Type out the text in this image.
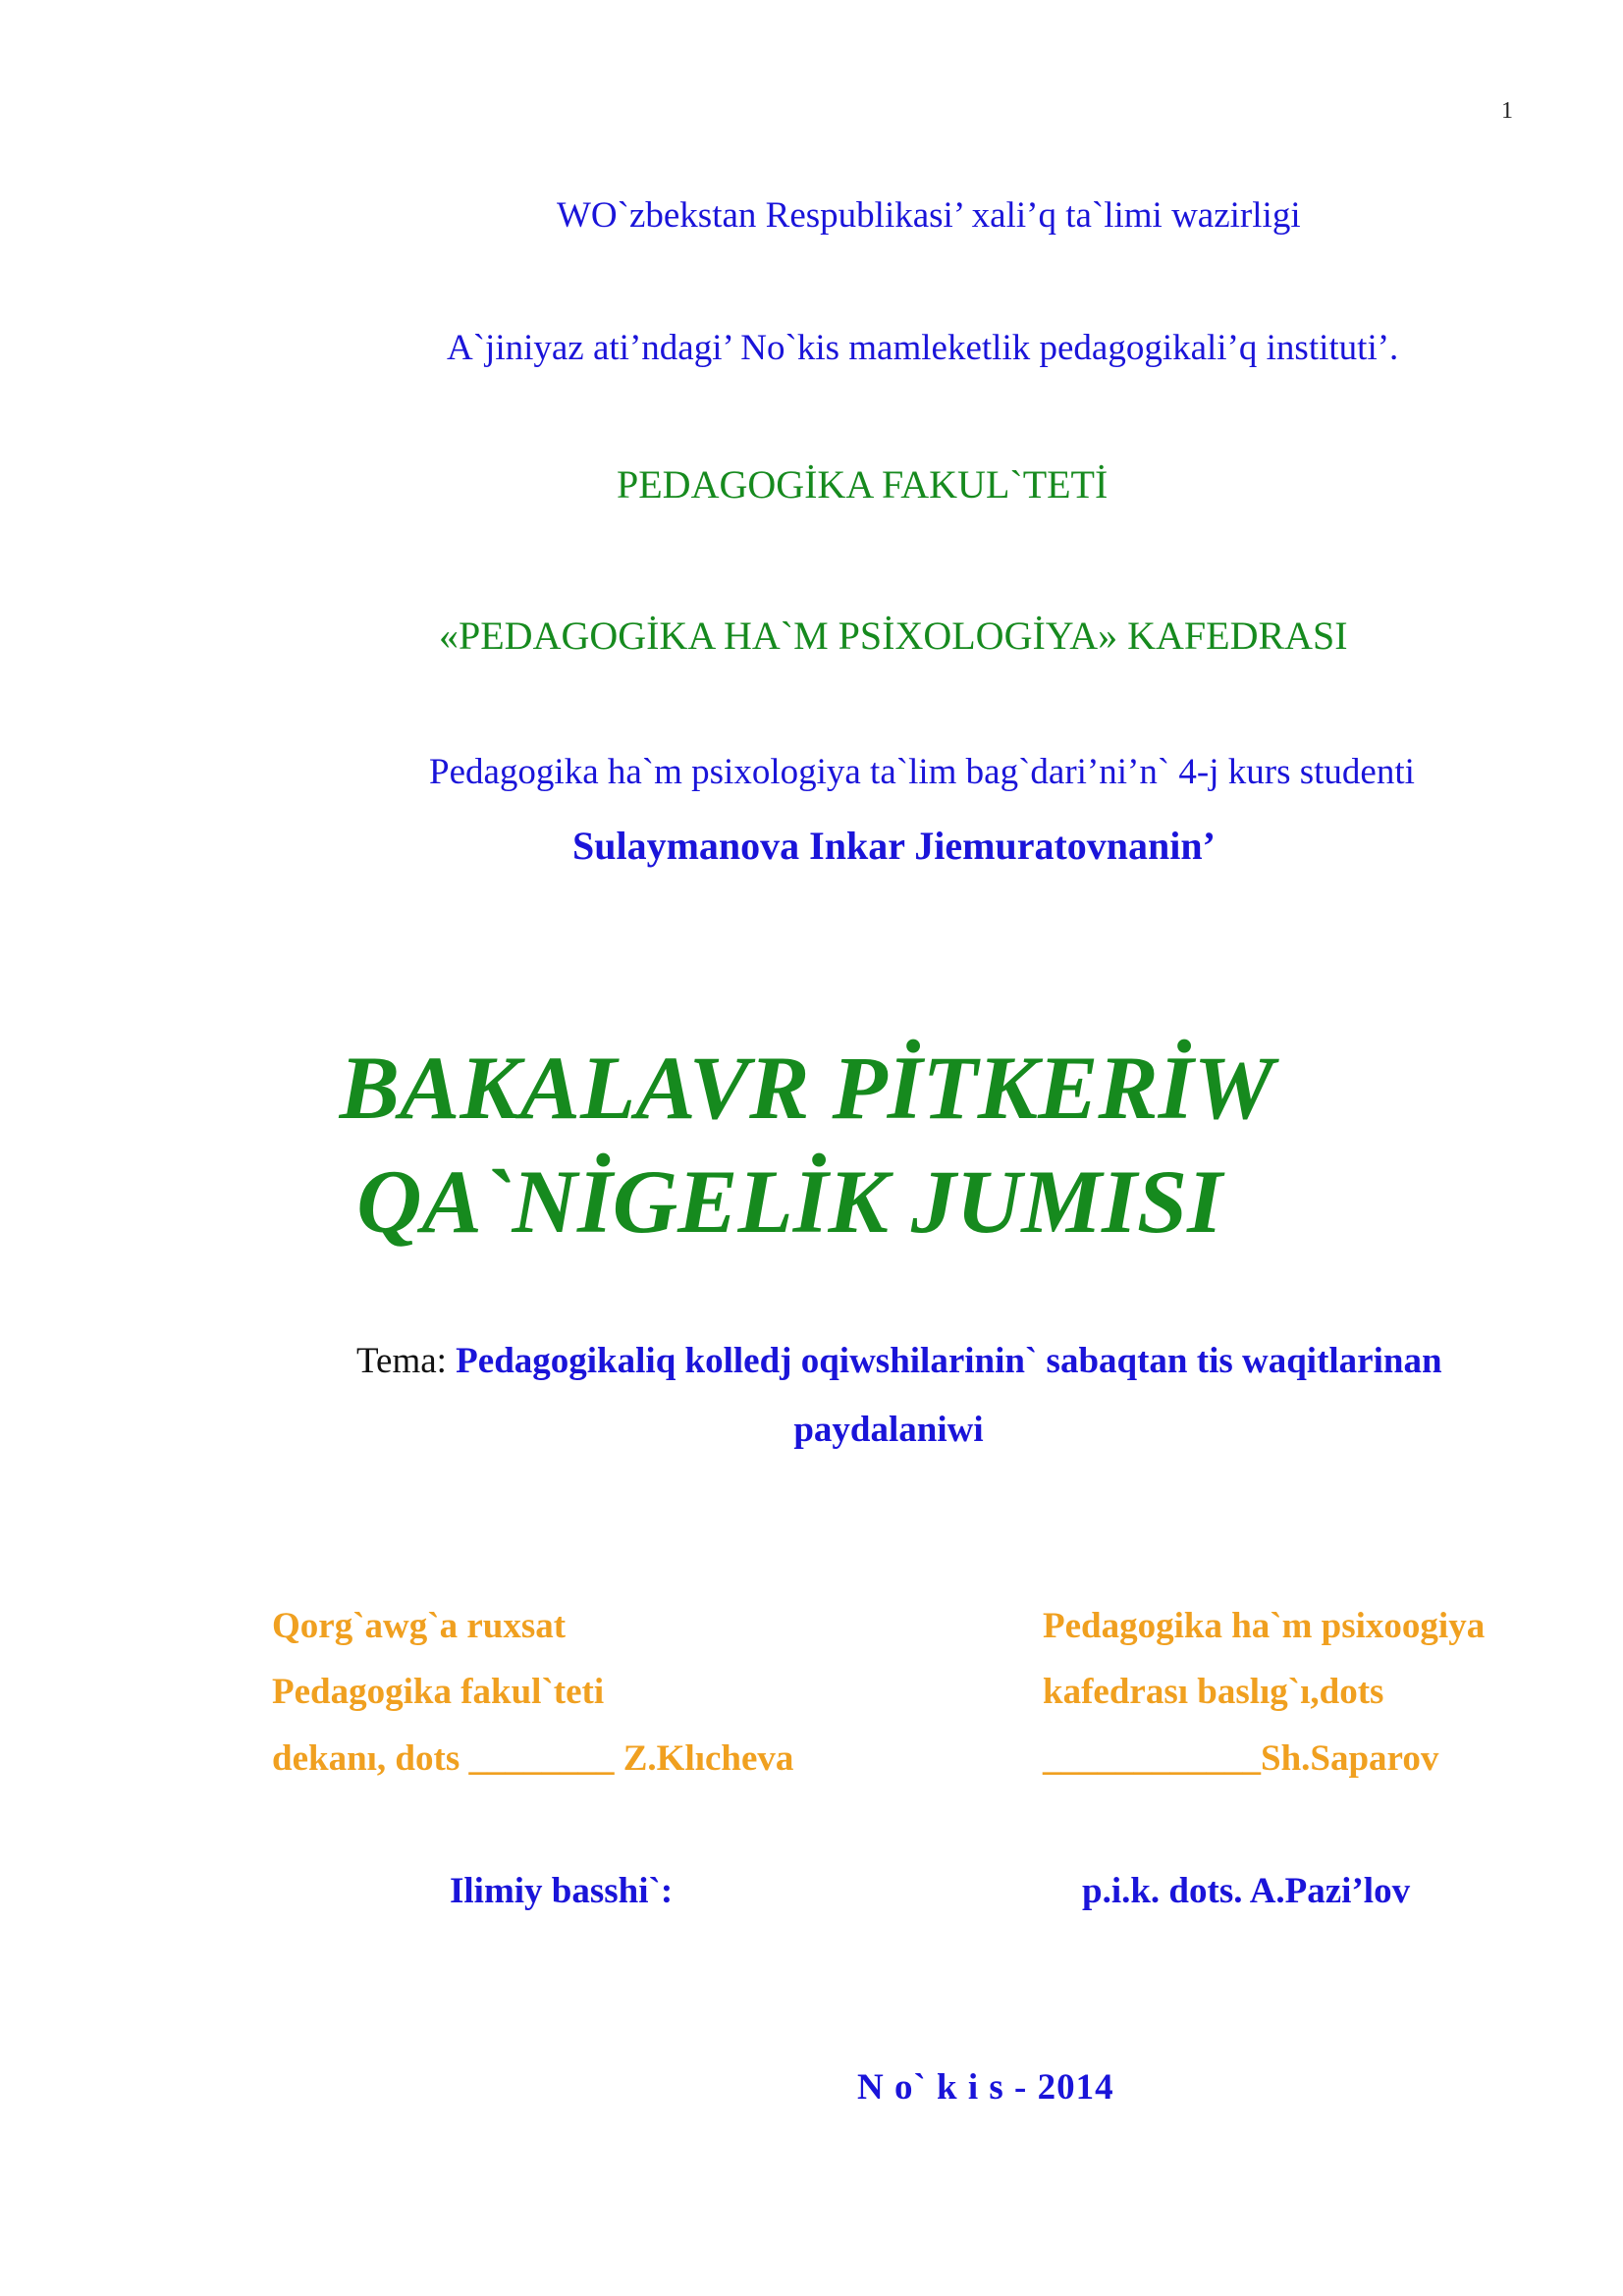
1
WO`zbekstan Respublikasi’ xali’q ta`limi wazirligi
A`jiniyaz ati’ndagi’ No`kis mamleketlik pedagogikali’q instituti’.
PEDAGOGİKA FAKUL`TETİ
«PEDAGOGİKA HA`M PSİXOLOGİYA» KAFEDRASI
Pedagogika ha`m psixologiya ta`lim bag`dari’ni’n` 4-j kurs studenti
Sulaymanova Inkar Jiemuratovnanin’
BAKALAVR PİTKERİW
QA`NİGELİK JUMISI
Tema: Pedagogikaliq kolledj oqiwshilarinin` sabaqtan tis waqitlarinan
paydalaniwi
Qorg`awg`a ruxsat
Pedagogika fakul`teti
dekanı, dots ________ Z.Klıcheva
Pedagogika ha`m psixoogiya
kafedrası baslıg`ı,dots
____________Sh.Saparov
Ilimiy basshi`:	p.i.k. dots. A.Pazi’lov
N o` k i s - 2014
